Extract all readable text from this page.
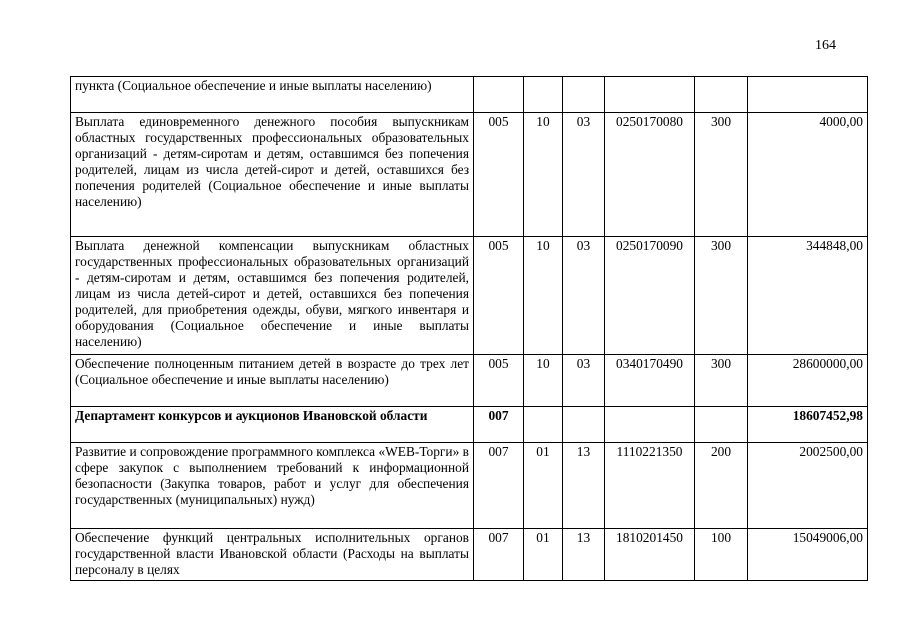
164
пункта (Социальное обеспечение и иные выплаты населению)						
Выплата единовременного денежного пособия выпускникам областных государственных профессиональных образовательных организаций - детям-сиротам и детям, оставшимся без попечения родителей, лицам из числа детей-сирот и детей, оставшихся без попечения родителей (Социальное обеспечение и иные выплаты населению)	005	10	03	0250170080	300	4000,00
Выплата денежной компенсации выпускникам областных государственных профессиональных образовательных организаций - детям-сиротам и детям, оставшимся без попечения родителей, лицам из числа детей-сирот и детей, оставшихся без попечения родителей, для приобретения одежды, обуви, мягкого инвентаря и оборудования (Социальное обеспечение и иные выплаты населению)	005	10	03	0250170090	300	344848,00
Обеспечение полноценным питанием детей в возрасте до трех лет (Социальное обеспечение и иные выплаты населению)	005	10	03	0340170490	300	28600000,00
Департамент конкурсов и аукционов Ивановской области	007					18607452,98
Развитие и сопровождение программного комплекса «WEB-Торги» в сфере закупок с выполнением требований к информационной безопасности (Закупка товаров, работ и услуг для обеспечения государственных (муниципальных) нужд)	007	01	13	1110221350	200	2002500,00
Обеспечение функций центральных исполнительных органов государственной власти Ивановской области (Расходы на выплаты персоналу в целях	007	01	13	1810201450	100	15049006,00
